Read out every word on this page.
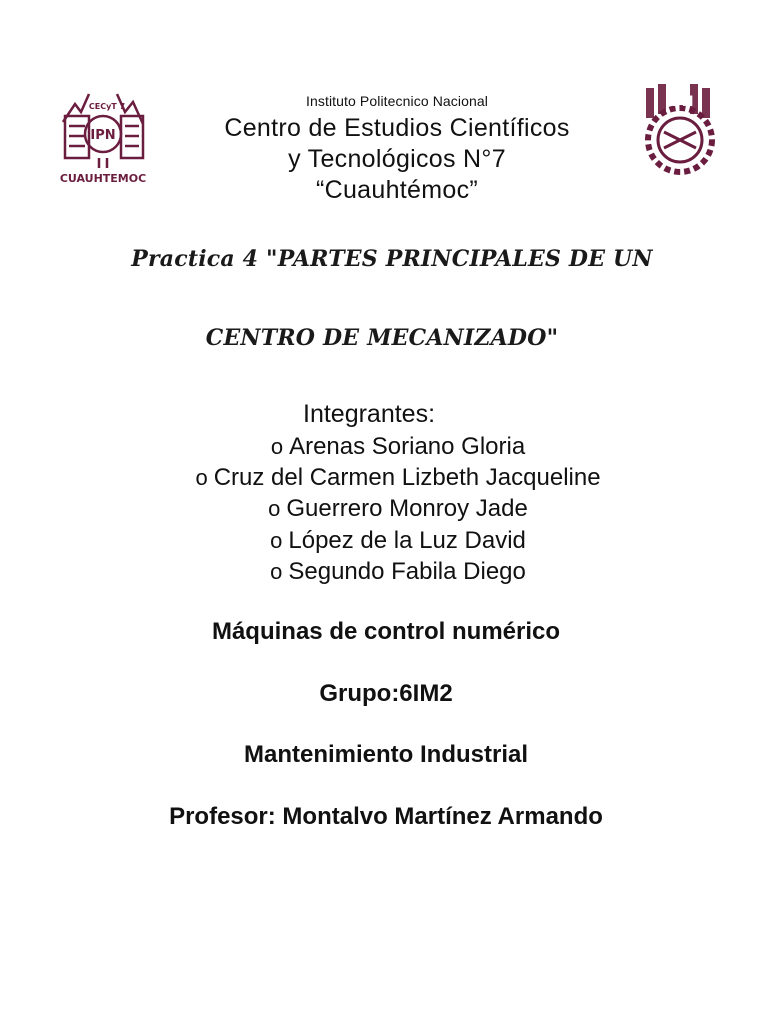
IPN
CECyT 7
CUAUHTEMOC
IPN
Instituto Politecnico Nacional
Centro de Estudios Científicos
y Tecnológicos N°7
“Cuauhtémoc”
Practica 4 "PARTES PRINCIPALES DE UN
CENTRO DE MECANIZADO"
Integrantes:
o Arenas Soriano Gloria
o Cruz del Carmen Lizbeth Jacqueline
o Guerrero Monroy Jade
o López de la Luz David
o Segundo Fabila Diego
Máquinas de control numérico
Grupo:6IM2
Mantenimiento Industrial
Profesor: Montalvo Martínez Armando
